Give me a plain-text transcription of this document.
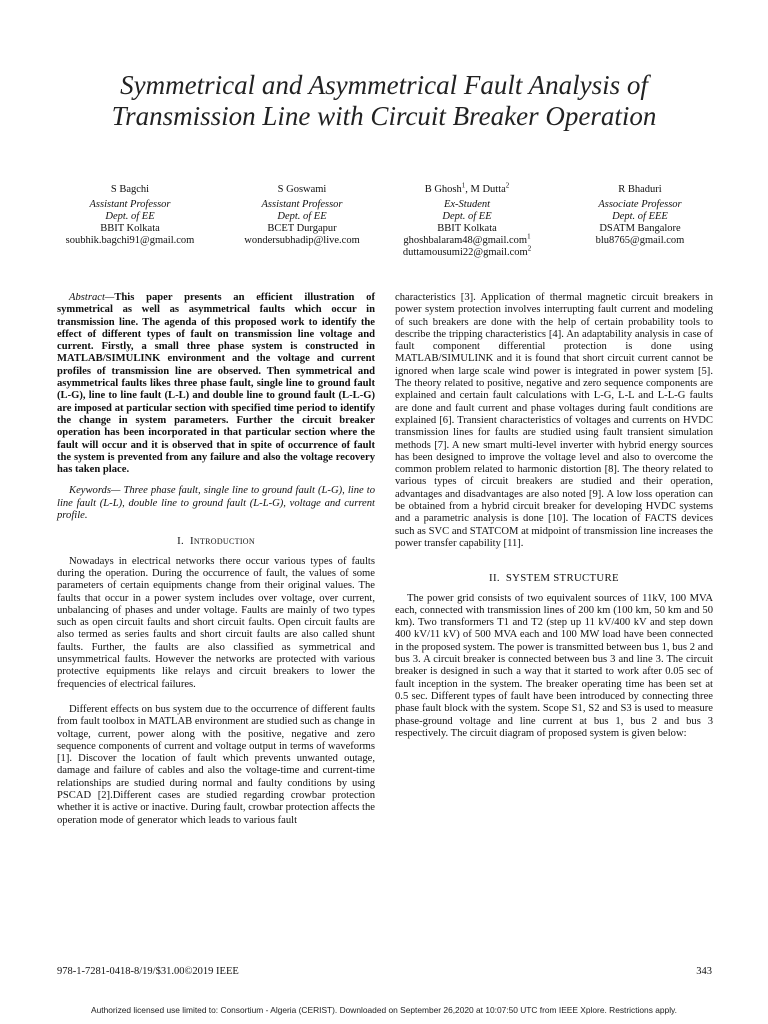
Symmetrical and Asymmetrical Fault Analysis of Transmission Line with Circuit Breaker Operation
S Bagchi
Assistant Professor
Dept. of EE
BBIT Kolkata
soubhik.bagchi91@gmail.com
S Goswami
Assistant Professor
Dept. of EE
BCET Durgapur
wondersubhadip@live.com
B Ghosh$^1$, M Dutta$^2$
Ex-Student
Dept. of EE
BBIT Kolkata
ghoshbalaram48@gmail.com$^1$
duttamousumi22@gmail.com$^2$
R Bhaduri
Associate Professor
Dept. of EEE
DSATM Bangalore
blu8765@gmail.com

Abstract—This paper presents an efficient illustration of symmetrical as well as asymmetrical faults which occur in transmission line. The agenda of this proposed work to identify the effect of different types of fault on transmission line voltage and current. Firstly, a small three phase system is constructed in MATLAB/SIMULINK environment and the voltage and current profiles of transmission line are observed. Then symmetrical and asymmetrical faults likes three phase fault, single line to ground fault (L-G), line to line fault (L-L) and double line to ground fault (L-L-G) are imposed at particular section with specified time period to identify the change in system parameters. Further the circuit breaker operation has been incorporated in that particular section where the fault will occur and it is observed that in spite of occurrence of fault the system is prevented from any failure and also the voltage recovery has taken place.

Keywords— Three phase fault, single line to ground fault (L-G), line to line fault (L-L), double line to ground fault (L-L-G), voltage and current profile.

I. Introduction

Nowadays in electrical networks there occur various types of faults during the operation. During the occurrence of fault, the values of some parameters of certain equipments change from their original values. The faults that occur in a power system includes over voltage, over current, unbalancing of phases and under voltage. Faults are mainly of two types such as open circuit faults and short circuit faults. Open circuit faults are also termed as series faults and short circuit faults are also called shunt faults. Further, the faults are also classified as symmetrical and unsymmetrical faults. However the networks are protected with various protective equipments like relays and circuit breakers to lower the frequencies of electrical failures.

Different effects on bus system due to the occurrence of different faults from fault toolbox in MATLAB environment are studied such as change in voltage, current, power along with the positive, negative and zero sequence components of current and voltage output in terms of waveforms [1]. Discover the location of fault which prevents unwanted outage, damage and failure of cables and also the voltage-time and current-time relationships are studied during normal and faulty conditions by using PSCAD [2].Different cases are studied regarding crowbar protection whether it is active or inactive. During fault, crowbar protection affects the operation mode of generator which leads to various fault

characteristics [3]. Application of thermal magnetic circuit breakers in power system protection involves interrupting fault current and modeling of such breakers are done with the help of certain probability tools to describe the tripping characteristics [4]. An adaptability analysis in case of fault component differential protection is done using MATLAB/SIMULINK and it is found that short circuit current cannot be ignored when large scale wind power is integrated in power system [5]. The theory related to positive, negative and zero sequence components are explained and certain fault calculations with L-G, L-L and L-L-G faults are done and fault current and phase voltages during fault conditions are explained [6]. Transient characteristics of voltages and currents on HVDC transmission lines for faults are studied using fault transient simulation methods [7]. A new smart multi-level inverter with hybrid energy sources has been designed to improve the voltage level and also to overcome the common problem related to harmonic distortion [8]. The theory related to various types of circuit breakers are studied and their operation, advantages and disadvantages are also noted [9]. A low loss operation can be obtained from a hybrid circuit breaker for developing HVDC systems and a parametric analysis is done [10]. The location of FACTS devices such as SVC and STATCOM at midpoint of transmission line increases the power transfer capability [11].

II. SYSTEM STRUCTURE

The power grid consists of two equivalent sources of 11kV, 100 MVA each, connected with transmission lines of 200 km (100 km, 50 km and 50 km). Two transformers T1 and T2 (step up 11 kV/400 kV and step down 400 kV/11 kV) of 500 MVA each and 100 MW load have been connected in the proposed system. The power is transmitted between bus 1, bus 2 and bus 3. A circuit breaker is connected between bus 3 and line 3. The circuit breaker is designed in such a way that it started to work after 0.05 sec of fault inception in the system. The breaker operating time has been set at 0.5 sec. Different types of fault have been introduced by connecting three phase fault block with the system. Scope S1, S2 and S3 is used to measure phase-ground voltage and line current at bus 1, bus 2 and bus 3 respectively. The circuit diagram of proposed system is given below:

978-1-7281-0418-8/19/$31.00©2019 IEEE	343
Authorized licensed use limited to: Consortium - Algeria (CERIST). Downloaded on September 26,2020 at 10:07:50 UTC from IEEE Xplore. Restrictions apply.
